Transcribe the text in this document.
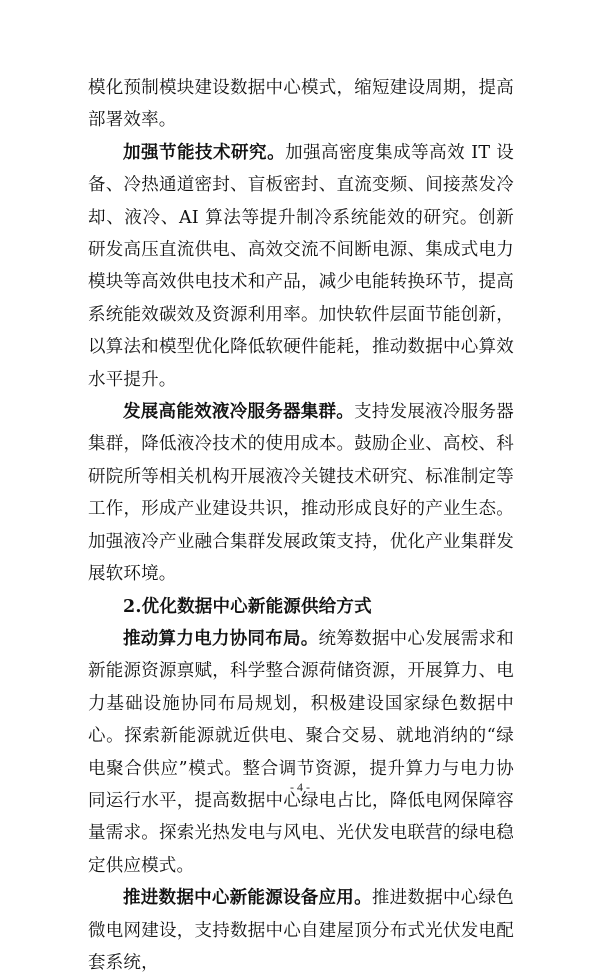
模化预制模块建设数据中心模式，缩短建设周期，提高部署效率。

加强节能技术研究。加强高密度集成等高效 IT 设备、冷热通道密封、盲板密封、直流变频、间接蒸发冷却、液冷、AI 算法等提升制冷系统能效的研究。创新研发高压直流供电、高效交流不间断电源、集成式电力模块等高效供电技术和产品，减少电能转换环节，提高系统能效碳效及资源利用率。加快软件层面节能创新，以算法和模型优化降低软硬件能耗，推动数据中心算效水平提升。

发展高能效液冷服务器集群。支持发展液冷服务器集群，降低液冷技术的使用成本。鼓励企业、高校、科研院所等相关机构开展液冷关键技术研究、标准制定等工作，形成产业建设共识，推动形成良好的产业生态。加强液冷产业融合集群发展政策支持，优化产业集群发展软环境。

2.优化数据中心新能源供给方式

推动算力电力协同布局。统筹数据中心发展需求和新能源资源禀赋，科学整合源荷储资源，开展算力、电力基础设施协同布局规划，积极建设国家绿色数据中心。探索新能源就近供电、聚合交易、就地消纳的“绿电聚合供应”模式。整合调节资源，提升算力与电力协同运行水平，提高数据中心绿电占比，降低电网保障容量需求。探索光热发电与风电、光伏发电联营的绿电稳定供应模式。

推进数据中心新能源设备应用。推进数据中心绿色微电网建设，支持数据中心自建屋顶分布式光伏发电配套系统，

- 4 -
